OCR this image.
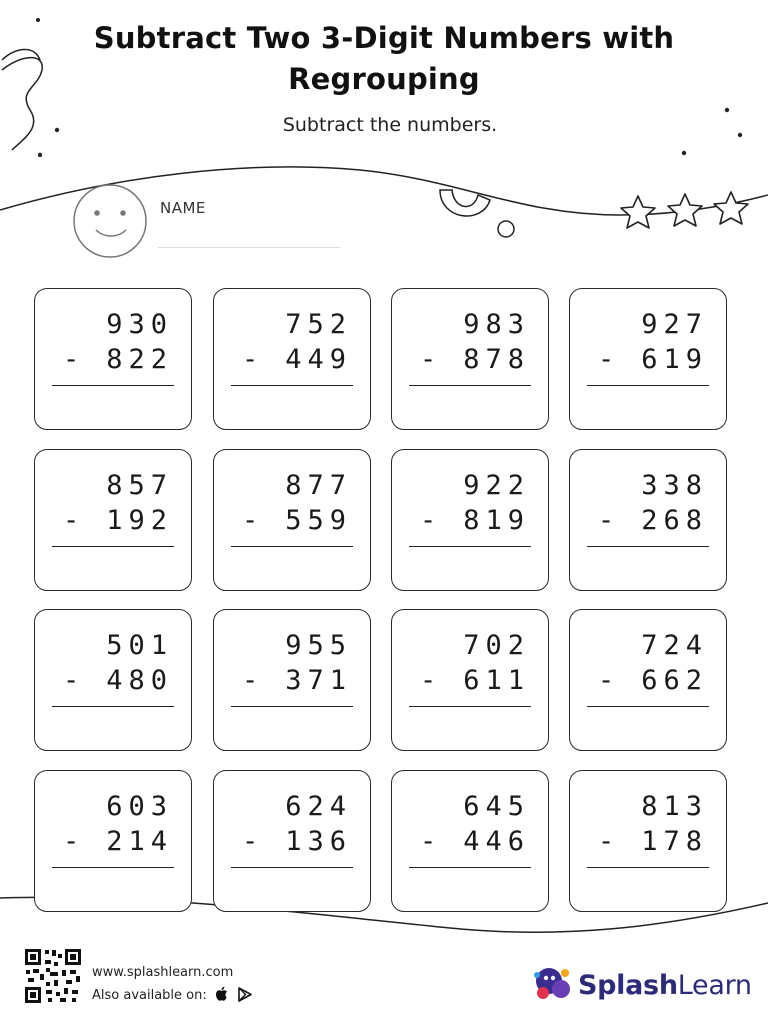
Subtract Two 3-Digit Numbers with
Regrouping
Subtract the numbers.
NAME
930
- 822
752
- 449
983
- 878
927
- 619
857
- 192
877
- 559
922
- 819
338
- 268
501
- 480
955
- 371
702
- 611
724
- 662
603
- 214
624
- 136
645
- 446
813
- 178
www.splashlearn.com
Also available on:	SplashLearn
